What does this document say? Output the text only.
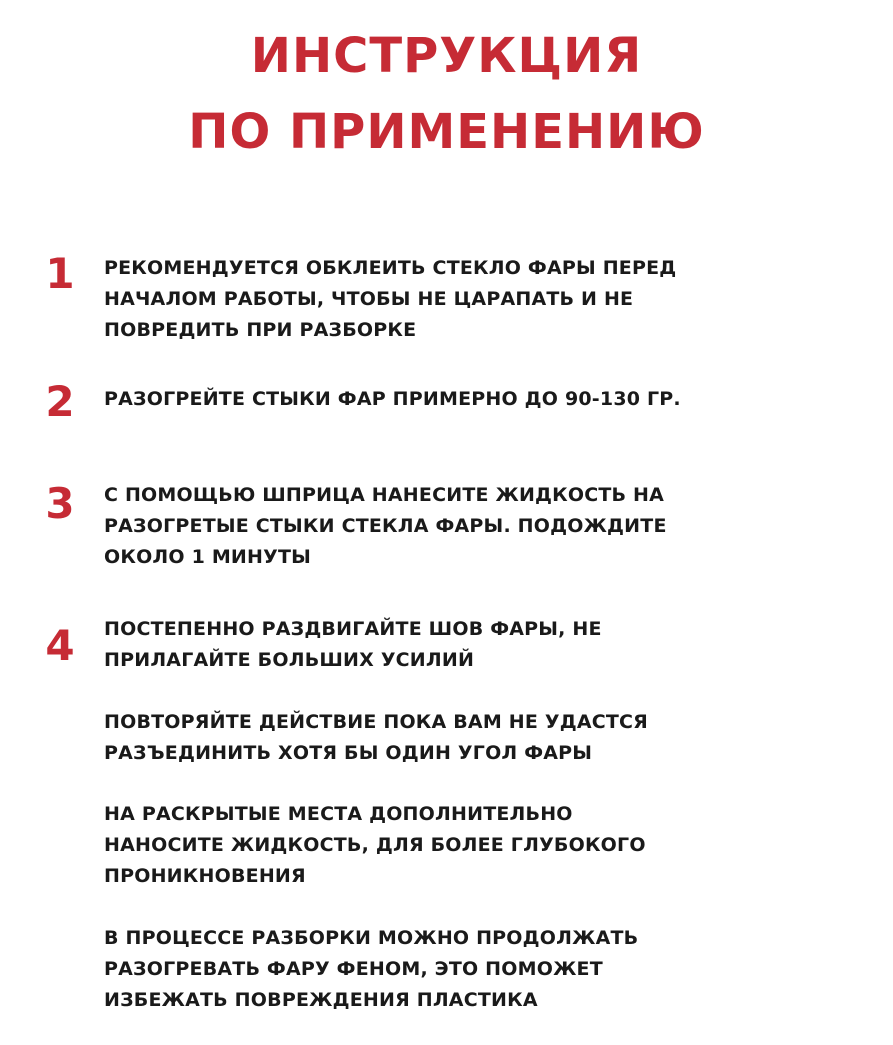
ИНСТРУКЦИЯ
ПО ПРИМЕНЕНИЮ
1 РЕКОМЕНДУЕТСЯ ОБКЛЕИТЬ СТЕКЛО ФАРЫ ПЕРЕД
НАЧАЛОМ РАБОТЫ, ЧТОБЫ НЕ ЦАРАПАТЬ И НЕ
ПОВРЕДИТЬ ПРИ РАЗБОРКЕ
2 РАЗОГРЕЙТЕ СТЫКИ ФАР ПРИМЕРНО ДО 90-130 ГР.
3 С ПОМОЩЬЮ ШПРИЦА НАНЕСИТЕ ЖИДКОСТЬ НА
РАЗОГРЕТЫЕ СТЫКИ СТЕКЛА ФАРЫ. ПОДОЖДИТЕ
ОКОЛО 1 МИНУТЫ
4 ПОСТЕПЕННО РАЗДВИГАЙТЕ ШОВ ФАРЫ, НЕ
ПРИЛАГАЙТЕ БОЛЬШИХ УСИЛИЙ
ПОВТОРЯЙТЕ ДЕЙСТВИЕ ПОКА ВАМ НЕ УДАСТСЯ
РАЗЪЕДИНИТЬ ХОТЯ БЫ ОДИН УГОЛ ФАРЫ
НА РАСКРЫТЫЕ МЕСТА ДОПОЛНИТЕЛЬНО
НАНОСИТЕ ЖИДКОСТЬ, ДЛЯ БОЛЕЕ ГЛУБОКОГО
ПРОНИКНОВЕНИЯ
В ПРОЦЕССЕ РАЗБОРКИ МОЖНО ПРОДОЛЖАТЬ
РАЗОГРЕВАТЬ ФАРУ ФЕНОМ, ЭТО ПОМОЖЕТ
ИЗБЕЖАТЬ ПОВРЕЖДЕНИЯ ПЛАСТИКА
